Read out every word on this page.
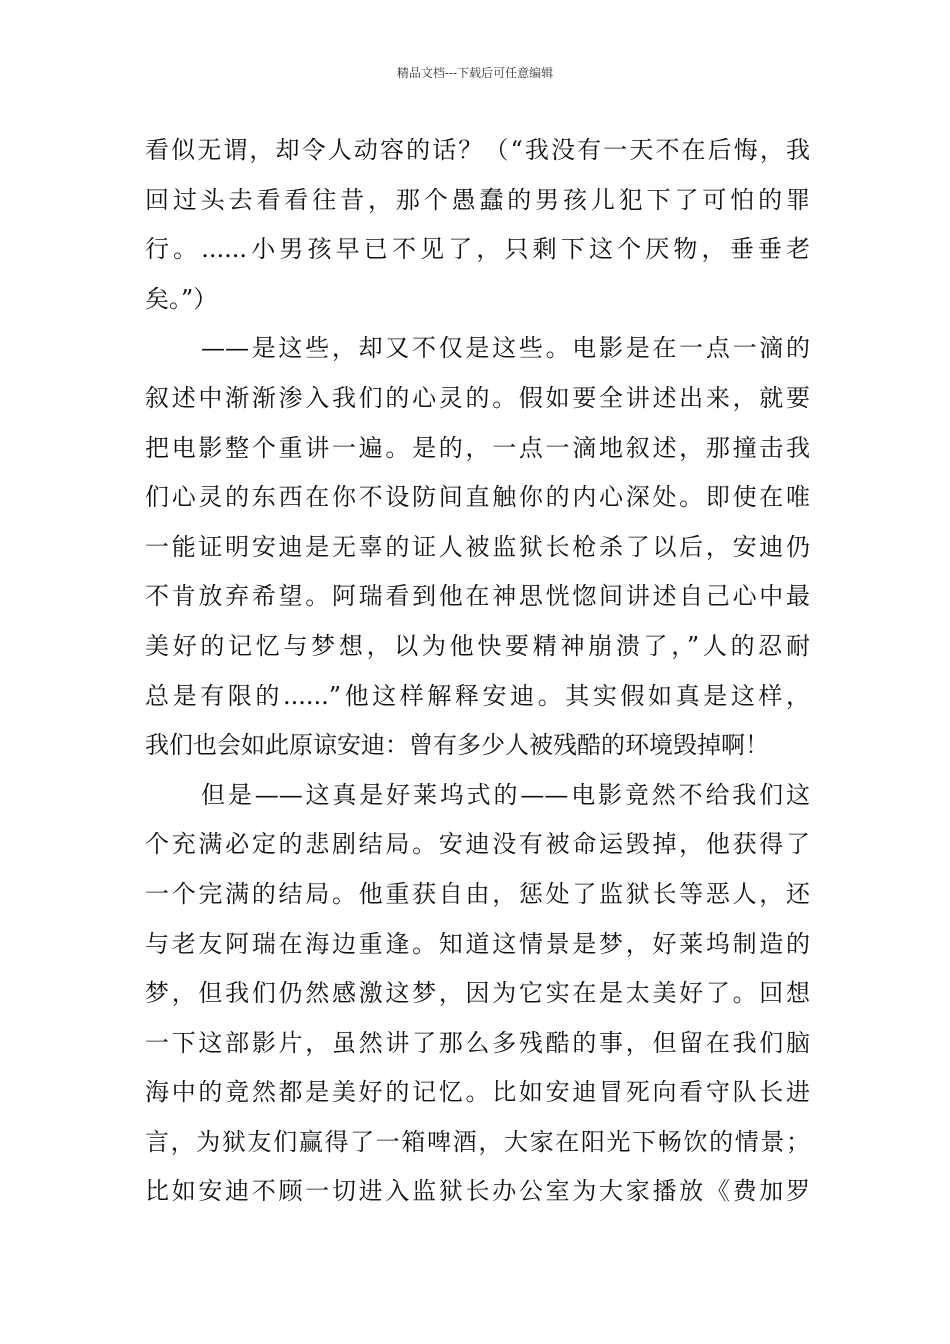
精品文档---下载后可任意编辑
看似无谓，却令人动容的话？（“我没有一天不在后悔，我
回过头去看看往昔，那个愚蠢的男孩儿犯下了可怕的罪
行。......小男孩早已不见了，只剩下这个厌物，垂垂老
矣。”）
——是这些，却又不仅是这些。电影是在一点一滴的
叙述中渐渐渗入我们的心灵的。假如要全讲述出来，就要
把电影整个重讲一遍。是的，一点一滴地叙述，那撞击我
们心灵的东西在你不设防间直触你的内心深处。即使在唯
一能证明安迪是无辜的证人被监狱长枪杀了以后，安迪仍
不肯放弃希望。阿瑞看到他在神思恍惚间讲述自己心中最
美好的记忆与梦想，以为他快要精神崩溃了，”人的忍耐
总是有限的......”他这样解释安迪。其实假如真是这样，
我们也会如此原谅安迪：曾有多少人被残酷的环境毁掉啊！
但是——这真是好莱坞式的——电影竟然不给我们这
个充满必定的悲剧结局。安迪没有被命运毁掉，他获得了
一个完满的结局。他重获自由，惩处了监狱长等恶人，还
与老友阿瑞在海边重逢。知道这情景是梦，好莱坞制造的
梦，但我们仍然感激这梦，因为它实在是太美好了。回想
一下这部影片，虽然讲了那么多残酷的事，但留在我们脑
海中的竟然都是美好的记忆。比如安迪冒死向看守队长进
言，为狱友们赢得了一箱啤酒，大家在阳光下畅饮的情景；
比如安迪不顾一切进入监狱长办公室为大家播放《费加罗
